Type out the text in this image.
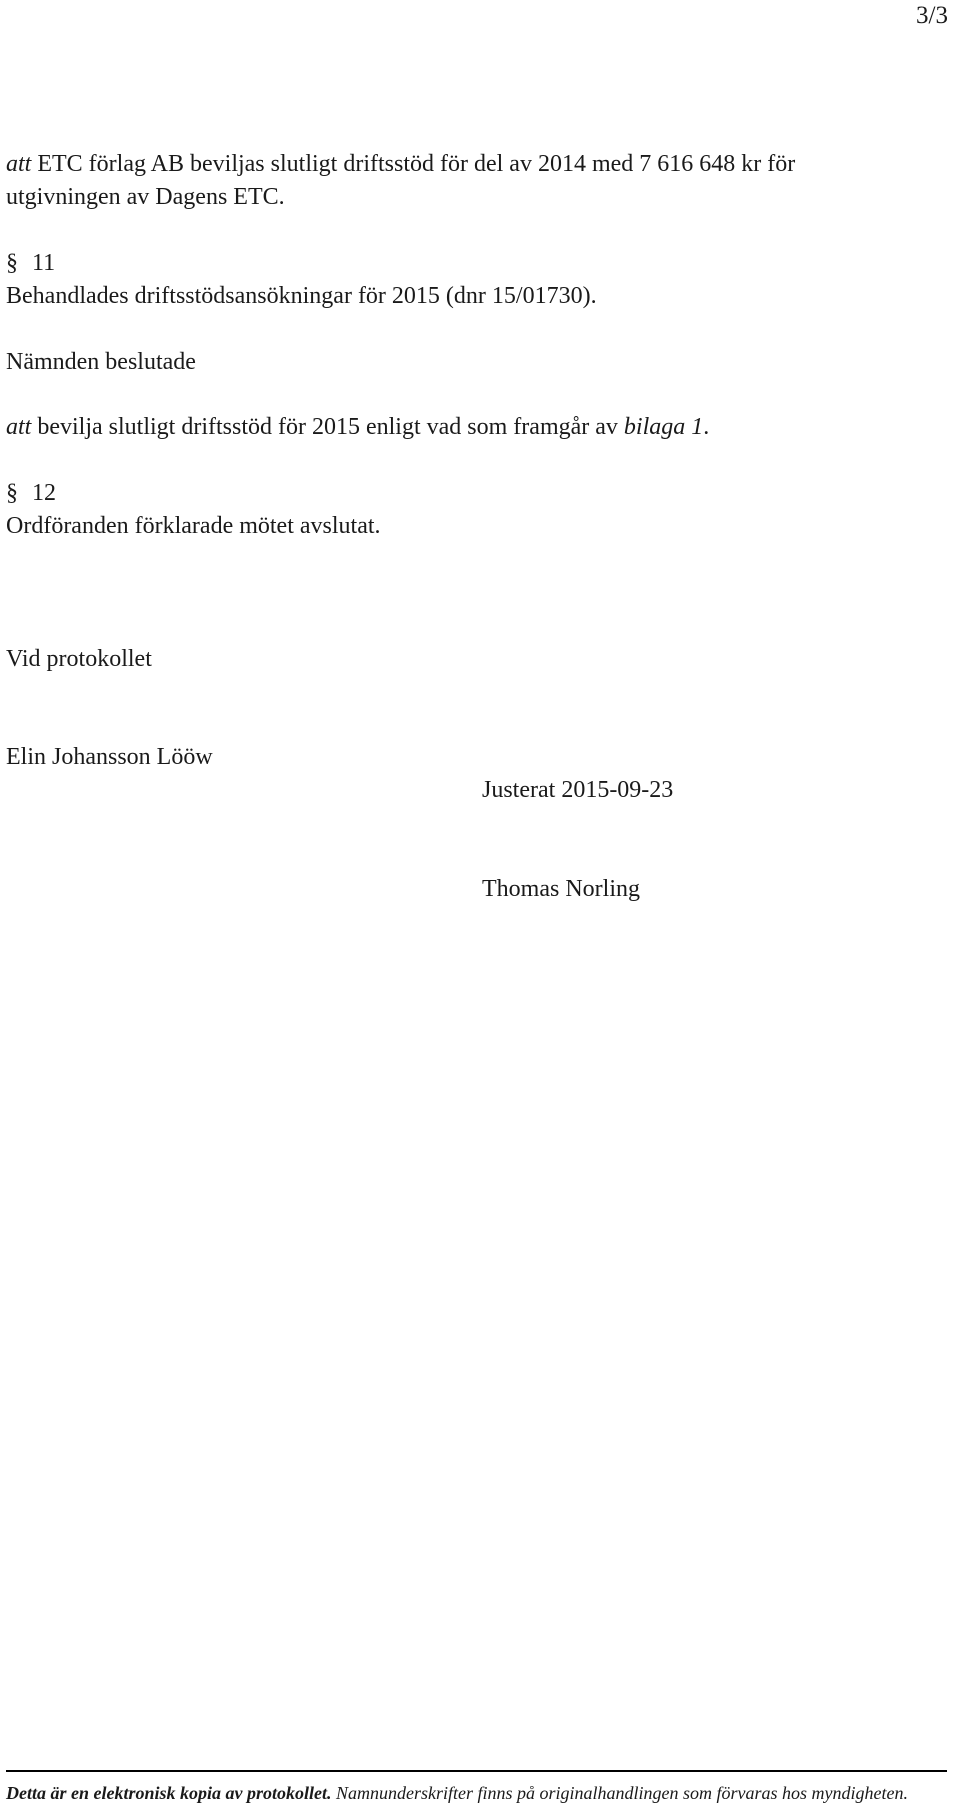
3/3
att ETC förlag AB beviljas slutligt driftsstöd för del av 2014 med 7 616 648 kr för
utgivningen av Dagens ETC.
§ 11
Behandlades driftsstödsansökningar för 2015 (dnr 15/01730).
Nämnden beslutade
att bevilja slutligt driftsstöd för 2015 enligt vad som framgår av bilaga 1.
§ 12
Ordföranden förklarade mötet avslutat.
Vid protokollet
Elin Johansson Lööw
Justerat 2015-09-23
Thomas Norling
Detta är en elektronisk kopia av protokollet. Namnunderskrifter finns på originalhandlingen som förvaras hos myndigheten.
